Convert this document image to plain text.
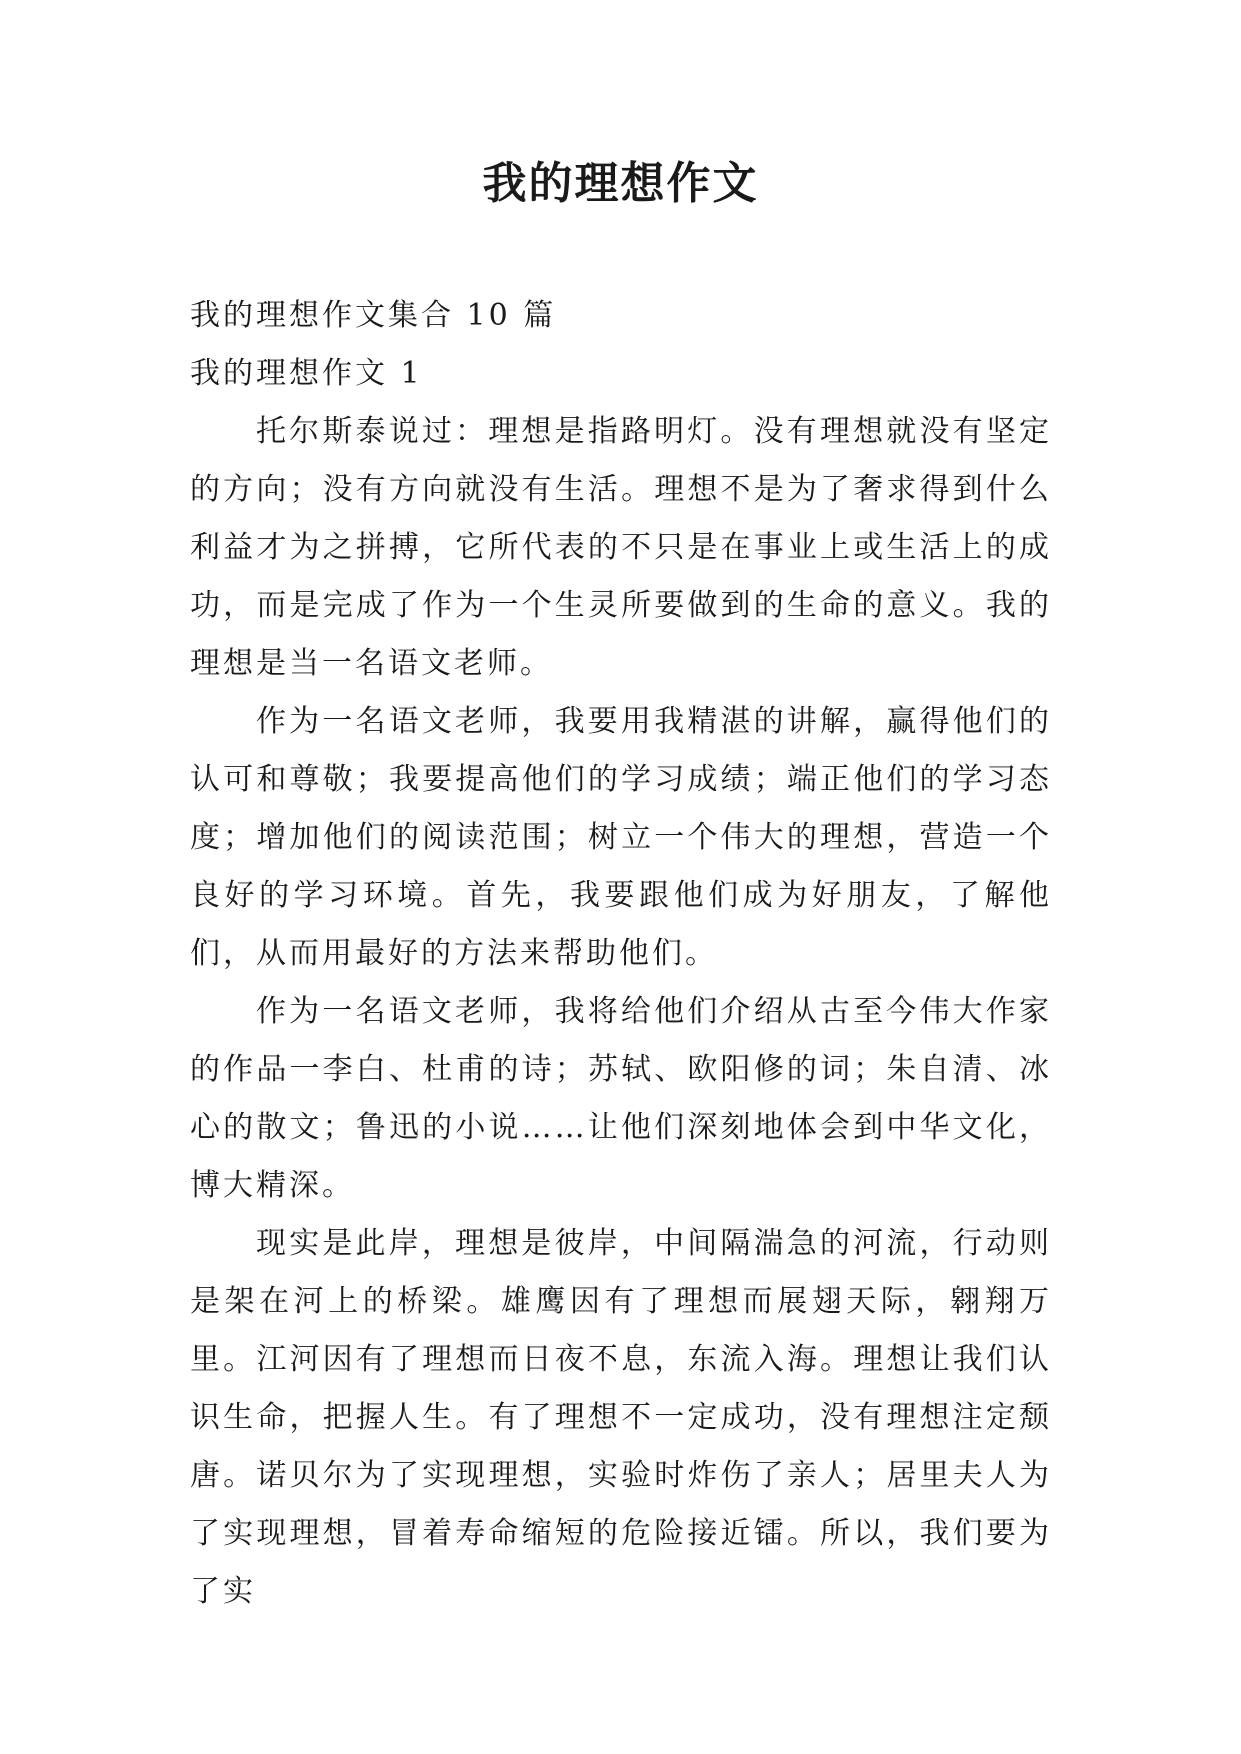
我的理想作文

我的理想作文集合 10 篇

我的理想作文 1

托尔斯泰说过：理想是指路明灯。没有理想就没有坚定的方向；没有方向就没有生活。理想不是为了奢求得到什么利益才为之拼搏，它所代表的不只是在事业上或生活上的成功，而是完成了作为一个生灵所要做到的生命的意义。我的理想是当一名语文老师。

作为一名语文老师，我要用我精湛的讲解，赢得他们的认可和尊敬；我要提高他们的学习成绩；端正他们的学习态度；增加他们的阅读范围；树立一个伟大的理想，营造一个良好的学习环境。首先，我要跟他们成为好朋友，了解他们，从而用最好的方法来帮助他们。

作为一名语文老师，我将给他们介绍从古至今伟大作家的作品一李白、杜甫的诗；苏轼、欧阳修的词；朱自清、冰心的散文；鲁迅的小说……让他们深刻地体会到中华文化，博大精深。

现实是此岸，理想是彼岸，中间隔湍急的河流，行动则是架在河上的桥梁。雄鹰因有了理想而展翅天际，翱翔万里。江河因有了理想而日夜不息，东流入海。理想让我们认识生命，把握人生。有了理想不一定成功，没有理想注定颓唐。诺贝尔为了实现理想，实验时炸伤了亲人；居里夫人为了实现理想，冒着寿命缩短的危险接近镭。所以，我们要为了实
